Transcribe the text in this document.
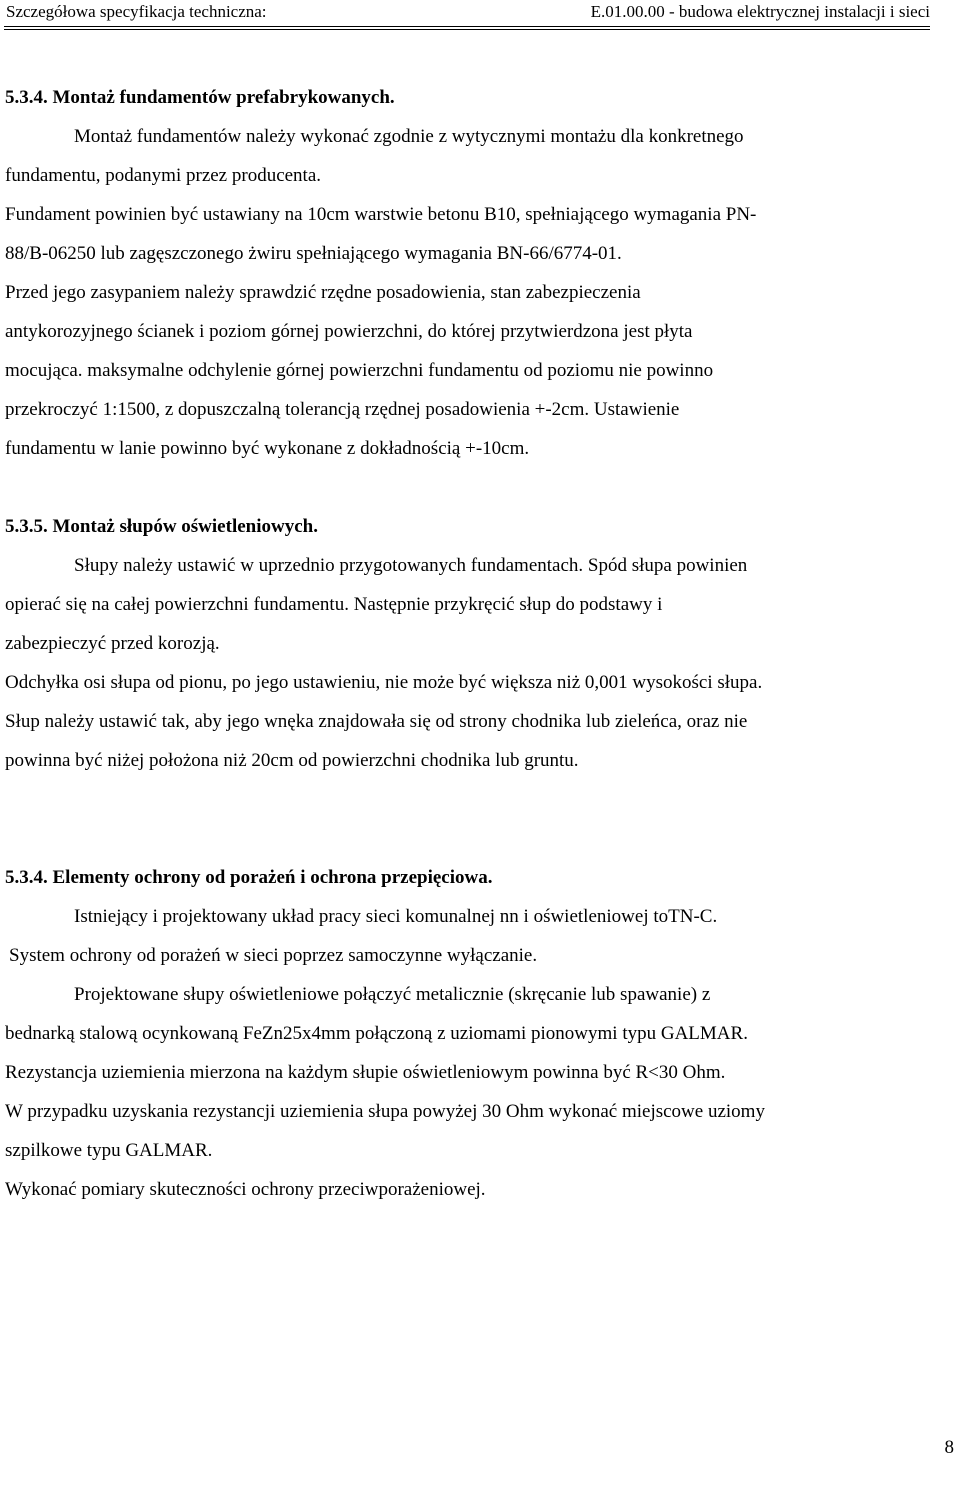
Szczegółowa specyfikacja techniczna:	E.01.00.00 - budowa elektrycznej instalacji i sieci
5.3.4. Montaż fundamentów prefabrykowanych.
Montaż fundamentów należy wykonać zgodnie z wytycznymi montażu dla konkretnego
fundamentu, podanymi przez producenta.
Fundament powinien być ustawiany na 10cm warstwie betonu B10, spełniającego wymagania PN-
88/B-06250 lub zagęszczonego żwiru spełniającego wymagania BN-66/6774-01.
Przed jego zasypaniem należy sprawdzić rzędne posadowienia, stan zabezpieczenia
antykorozyjnego ścianek i poziom górnej powierzchni, do której przytwierdzona jest płyta
mocująca. maksymalne odchylenie górnej powierzchni fundamentu od poziomu nie powinno
przekroczyć 1:1500, z dopuszczalną tolerancją rzędnej posadowienia +-2cm. Ustawienie
fundamentu w lanie powinno być wykonane z dokładnością +-10cm.
5.3.5. Montaż słupów oświetleniowych.
Słupy należy ustawić w uprzednio przygotowanych fundamentach. Spód słupa powinien
opierać się na całej powierzchni fundamentu. Następnie przykręcić słup do podstawy i
zabezpieczyć przed korozją.
Odchyłka osi słupa od pionu, po jego ustawieniu, nie może być większa niż 0,001 wysokości słupa.
Słup należy ustawić tak, aby jego wnęka znajdowała się od strony chodnika lub zieleńca, oraz nie
powinna być niżej położona niż 20cm od powierzchni chodnika lub gruntu.
5.3.4. Elementy ochrony od porażeń i ochrona przepięciowa.
Istniejący i projektowany układ pracy sieci komunalnej nn i oświetleniowej toTN-C.
System ochrony od porażeń w sieci poprzez samoczynne wyłączanie.
Projektowane słupy oświetleniowe połączyć metalicznie (skręcanie lub spawanie) z
bednarką stalową ocynkowaną FeZn25x4mm połączoną z uziomami pionowymi typu GALMAR.
Rezystancja uziemienia mierzona na każdym słupie oświetleniowym powinna być R<30 Ohm.
W przypadku uzyskania rezystancji uziemienia słupa powyżej 30 Ohm wykonać miejscowe uziomy
szpilkowe typu GALMAR.
Wykonać pomiary skuteczności ochrony przeciwporażeniowej.
8
